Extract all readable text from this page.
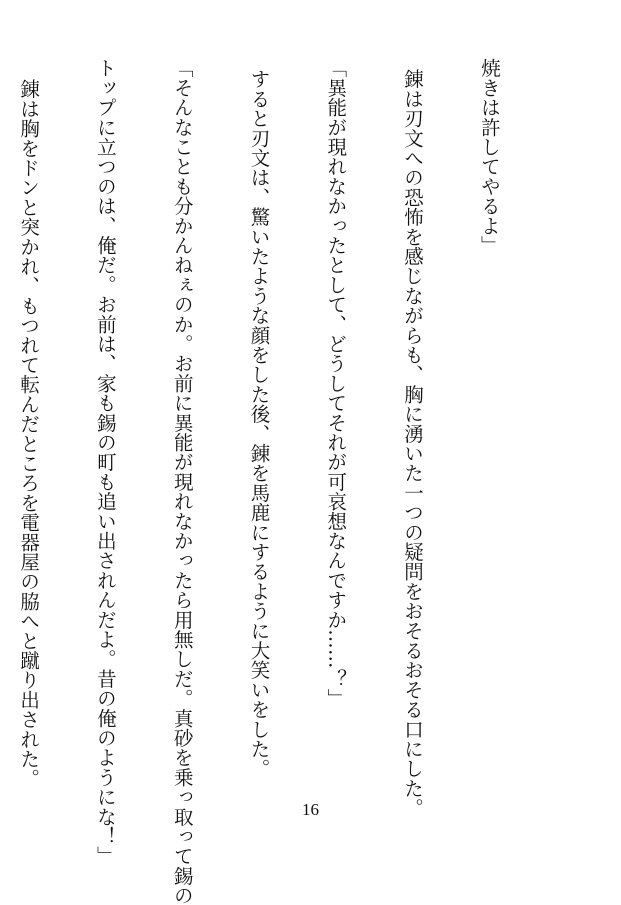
焼きは許してやるよ」

錬は刃文への恐怖を感じながらも、胸に湧いた一つの疑問をおそるおそる口にした。

「異能が現れなかったとして、どうしてそれが可哀想なんですか……？」

すると刃文は、驚いたような顔をした後、錬を馬鹿にするように大笑いをした。

「そんなことも分かんねぇのか。お前に異能が現れなかったら用無しだ。真砂を乗っ取って錫の

トップに立つのは、俺だ。お前は、家も錫の町も追い出されんだよ。昔の俺のようにな！」

錬は胸をドンと突かれ、もつれて転んだところを電器屋の脇へと蹴り出された。

16
